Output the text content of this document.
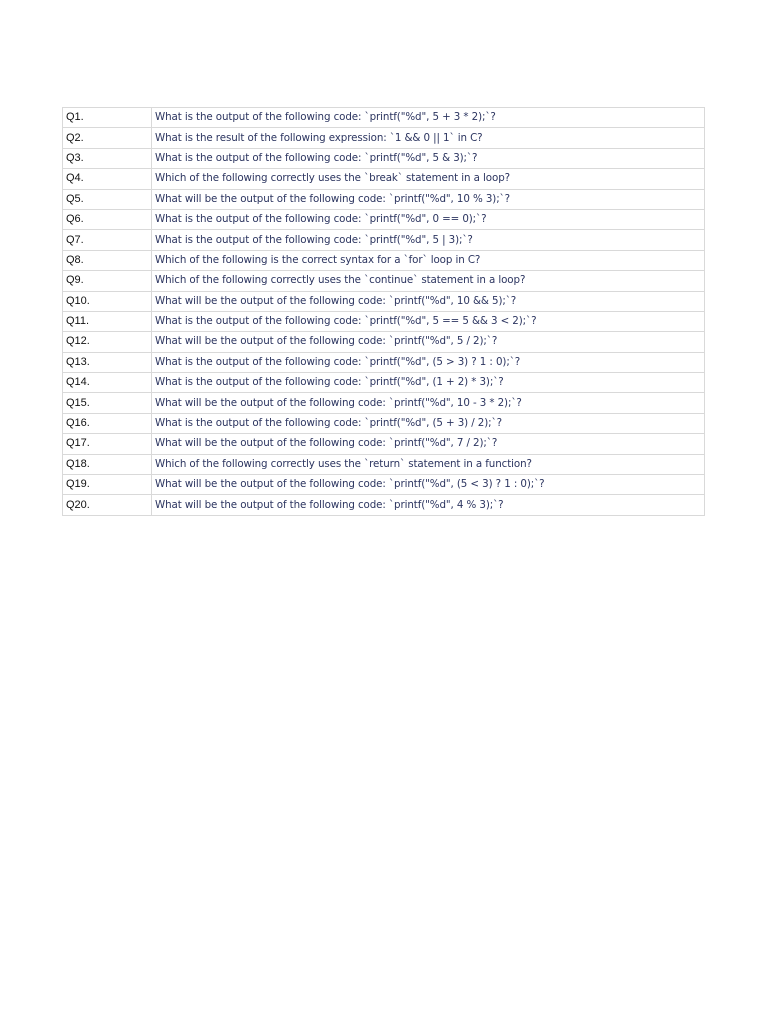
Q1.	What is the output of the following code: `printf("%d", 5 + 3 * 2);`?
Q2.	What is the result of the following expression: `1 && 0 || 1` in C?
Q3.	What is the output of the following code: `printf("%d", 5 & 3);`?
Q4.	Which of the following correctly uses the `break` statement in a loop?
Q5.	What will be the output of the following code: `printf("%d", 10 % 3);`?
Q6.	What is the output of the following code: `printf("%d", 0 == 0);`?
Q7.	What is the output of the following code: `printf("%d", 5 | 3);`?
Q8.	Which of the following is the correct syntax for a `for` loop in C?
Q9.	Which of the following correctly uses the `continue` statement in a loop?
Q10.	What will be the output of the following code: `printf("%d", 10 && 5);`?
Q11.	What is the output of the following code: `printf("%d", 5 == 5 && 3 < 2);`?
Q12.	What will be the output of the following code: `printf("%d", 5 / 2);`?
Q13.	What is the output of the following code: `printf("%d", (5 > 3) ? 1 : 0);`?
Q14.	What is the output of the following code: `printf("%d", (1 + 2) * 3);`?
Q15.	What will be the output of the following code: `printf("%d", 10 - 3 * 2);`?
Q16.	What is the output of the following code: `printf("%d", (5 + 3) / 2);`?
Q17.	What will be the output of the following code: `printf("%d", 7 / 2);`?
Q18.	Which of the following correctly uses the `return` statement in a function?
Q19.	What will be the output of the following code: `printf("%d", (5 < 3) ? 1 : 0);`?
Q20.	What will be the output of the following code: `printf("%d", 4 % 3);`?
